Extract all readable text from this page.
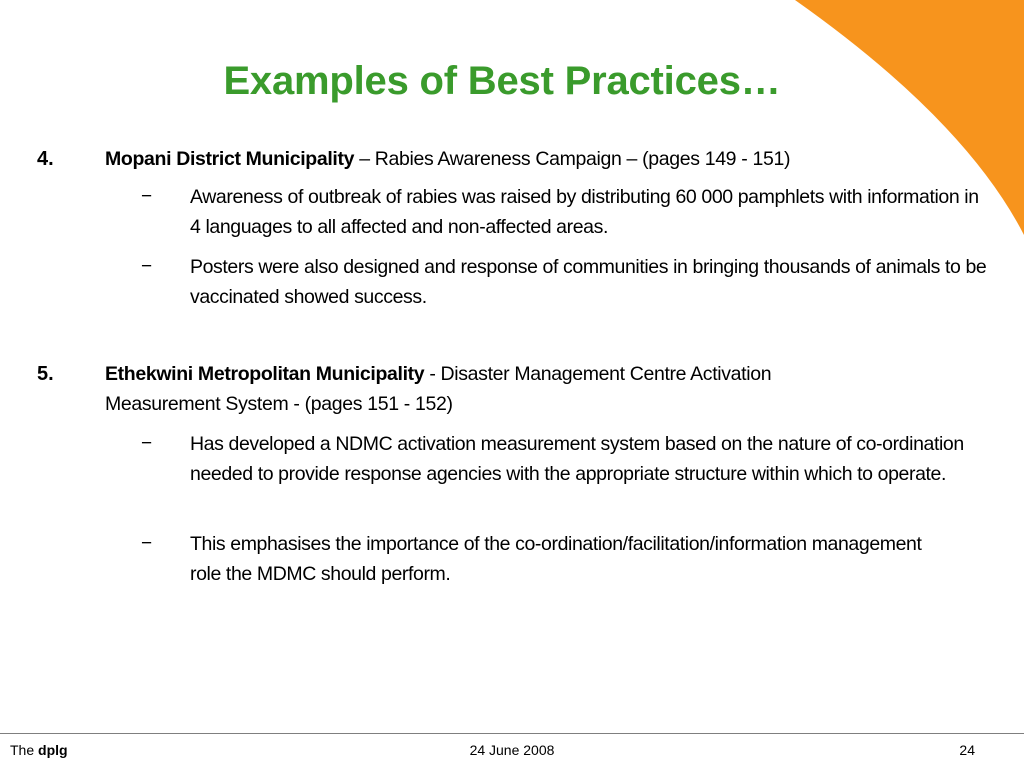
Examples of Best Practices…
4.	Mopani District Municipality – Rabies Awareness Campaign – (pages 149 - 151)
− Awareness of outbreak of rabies was raised by distributing 60 000 pamphlets with information in 4 languages to all affected and non-affected areas.
− Posters were also designed and response of communities in bringing thousands of animals to be vaccinated showed success.
5.	Ethekwini Metropolitan Municipality - Disaster Management Centre Activation Measurement System - (pages 151 - 152)
− Has developed a NDMC activation measurement system based on the nature of co-ordination needed to provide response agencies with the appropriate structure within which to operate.
− This emphasises the importance of the co-ordination/facilitation/information management role the MDMC should perform.
The dplg	24 June 2008	24
